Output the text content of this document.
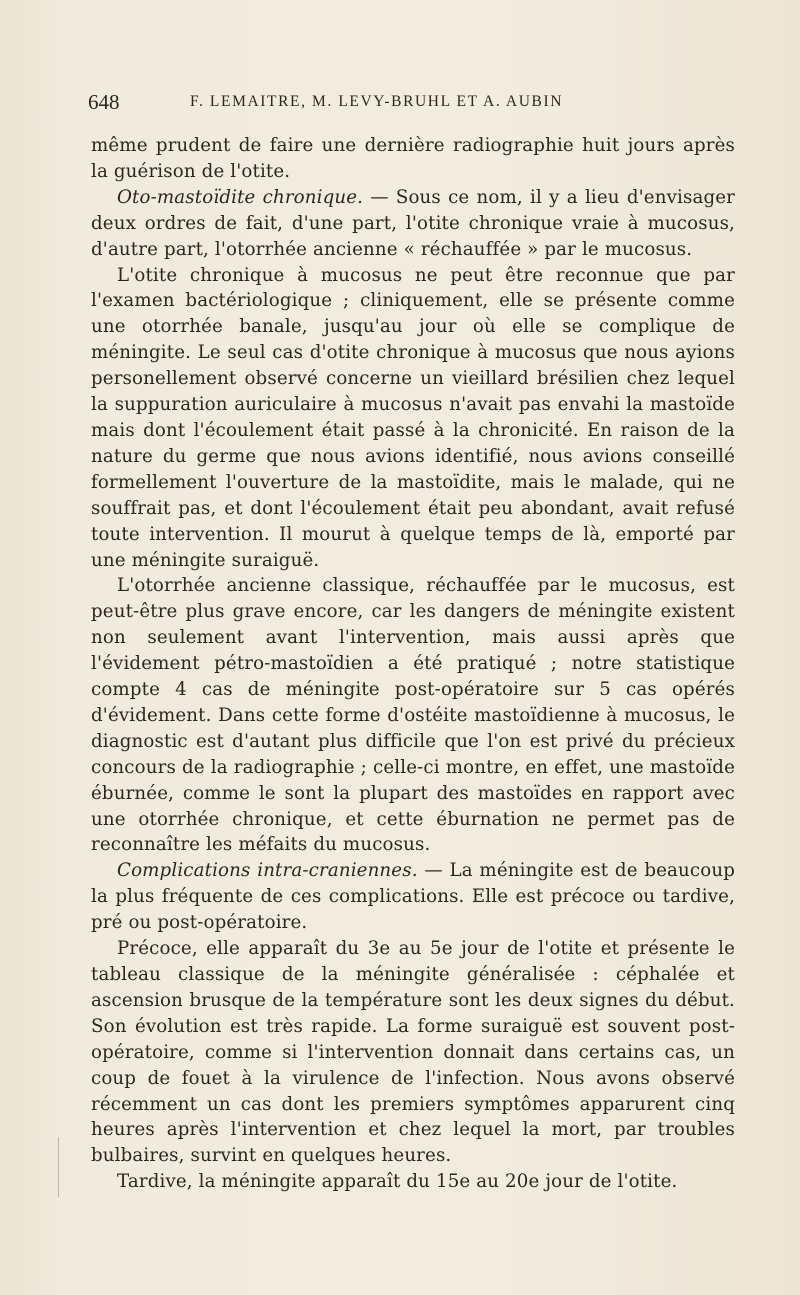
648	F. LEMAITRE, M. LEVY-BRUHL ET A. AUBIN

même prudent de faire une dernière radiographie huit jours après la guérison de l'otite.

Oto-mastoïdite chronique. — Sous ce nom, il y a lieu d'envisager deux ordres de fait, d'une part, l'otite chronique vraie à mucosus, d'autre part, l'otorrhée ancienne « réchauffée » par le mucosus.

L'otite chronique à mucosus ne peut être reconnue que par l'examen bactériologique ; cliniquement, elle se présente comme une otorrhée banale, jusqu'au jour où elle se complique de méningite. Le seul cas d'otite chronique à mucosus que nous ayions personellement observé concerne un vieillard brésilien chez lequel la suppuration auriculaire à mucosus n'avait pas envahi la mastoïde mais dont l'écoulement était passé à la chronicité. En raison de la nature du germe que nous avions identifié, nous avions conseillé formellement l'ouverture de la mastoïdite, mais le malade, qui ne souffrait pas, et dont l'écoulement était peu abondant, avait refusé toute intervention. Il mourut à quelque temps de là, emporté par une méningite suraiguë.

L'otorrhée ancienne classique, réchauffée par le mucosus, est peut-être plus grave encore, car les dangers de méningite existent non seulement avant l'intervention, mais aussi après que l'évidement pétro-mastoïdien a été pratiqué ; notre statistique compte 4 cas de méningite post-opératoire sur 5 cas opérés d'évidement. Dans cette forme d'ostéite mastoïdienne à mucosus, le diagnostic est d'autant plus difficile que l'on est privé du précieux concours de la radiographie ; celle-ci montre, en effet, une mastoïde éburnée, comme le sont la plupart des mastoïdes en rapport avec une otorrhée chronique, et cette éburnation ne permet pas de reconnaître les méfaits du mucosus.

Complications intra-craniennes. — La méningite est de beaucoup la plus fréquente de ces complications. Elle est précoce ou tardive, pré ou post-opératoire.

Précoce, elle apparaît du 3e au 5e jour de l'otite et présente le tableau classique de la méningite généralisée : céphalée et ascension brusque de la température sont les deux signes du début. Son évolution est très rapide. La forme suraiguë est souvent post-opératoire, comme si l'intervention donnait dans certains cas, un coup de fouet à la virulence de l'infection. Nous avons observé récemment un cas dont les premiers symptômes apparurent cinq heures après l'intervention et chez lequel la mort, par troubles bulbaires, survint en quelques heures.

Tardive, la méningite apparaît du 15e au 20e jour de l'otite.
